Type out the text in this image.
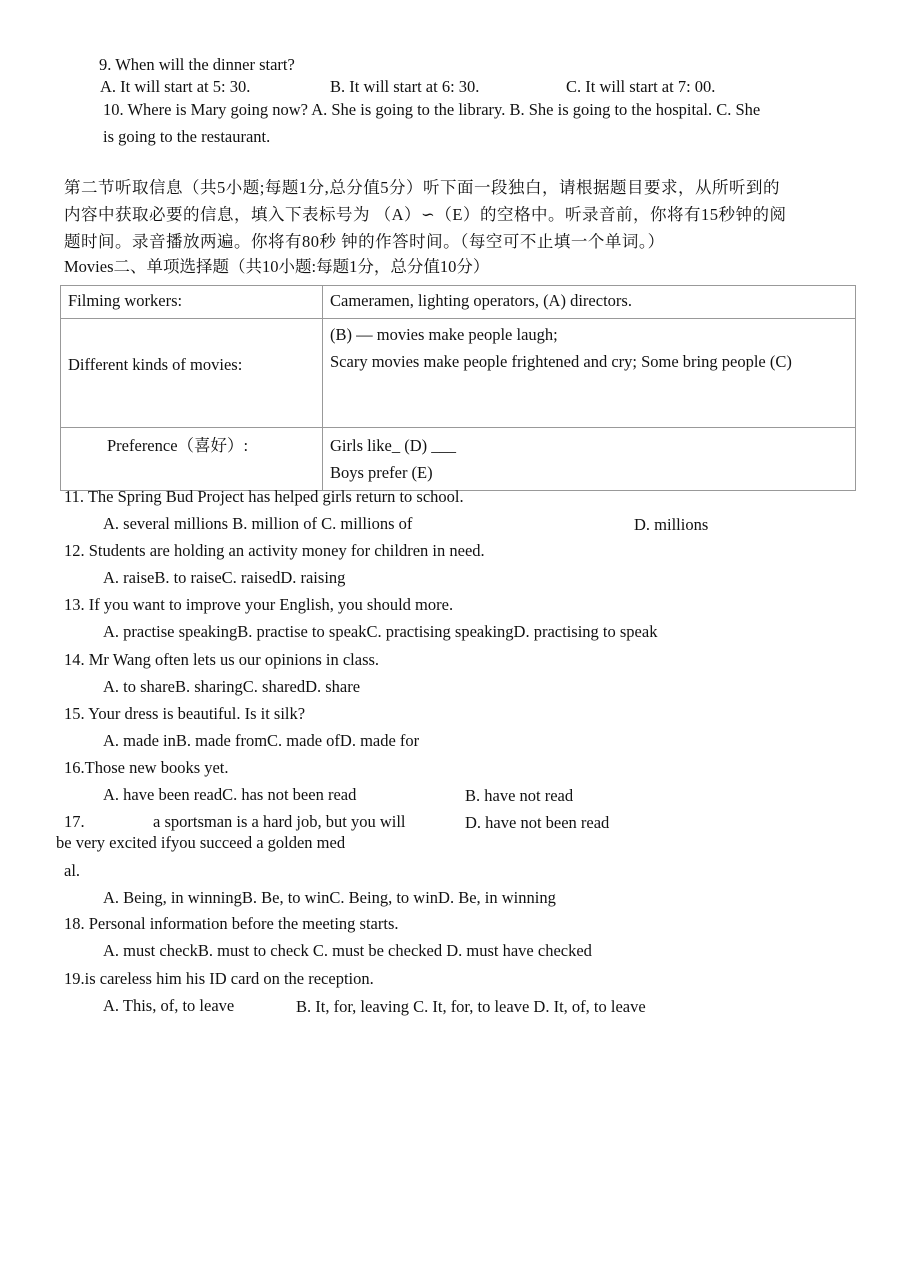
9. When will the dinner start?
A. It will start at 5: 30.	B. It will start at 6: 30.	C. It will start at 7: 00.
10. Where is Mary going now? A. She is going to the library. B. She is going to the hospital. C. She
is going to the restaurant.
第二节听取信息（共5小题;每题1分,总分值5分）听下面一段独白，请根据题目要求，从所听到的
内容中获取必要的信息，填入下表标号为 （A）∽（E）的空格中。听录音前，你将有15秒钟的阅
题时间。录音播放两遍。你将有80秒 钟的作答时间。（每空可不止填一个单词。）
Movies二、单项选择题（共10小题:每题1分，总分值10分）
Filming workers:	Cameramen, lighting operators, (A) directors.
Different kinds of movies:	(B) — movies make people laugh;
Scary movies make people frightened and cry; Some bring people (C)

Preference（喜好）:	Girls like_ (D) ___
Boys prefer (E)
11. The Spring Bud Project has helped girls return to school.
A. several millions B. million of C. millions of	D. millions
12. Students are holding an activity money for children in need.
A. raiseB. to raiseC. raisedD. raising
13. If you want to improve your English, you should more.
A. practise speakingB. practise to speakC. practising speakingD. practising to speak
14. Mr Wang often lets us our opinions in class.
A. to shareB. sharingC. sharedD. share
15. Your dress is beautiful. Is it silk?
A. made inB. made fromC. made ofD. made for
16.Those new books yet.
A. have been readC. has not been read	B. have not read
17.	a sportsman is a hard job, but you will	D. have not been read
be very excited ifyou succeed a golden med
al.
A. Being, in winningB. Be, to winC. Being, to winD. Be, in winning
18. Personal information before the meeting starts.
A. must checkB. must to check C. must be checked D. must have checked
19.is careless him his ID card on the reception.
A. This, of, to leave	B. It, for, leaving C. It, for, to leave D. It, of, to leave
